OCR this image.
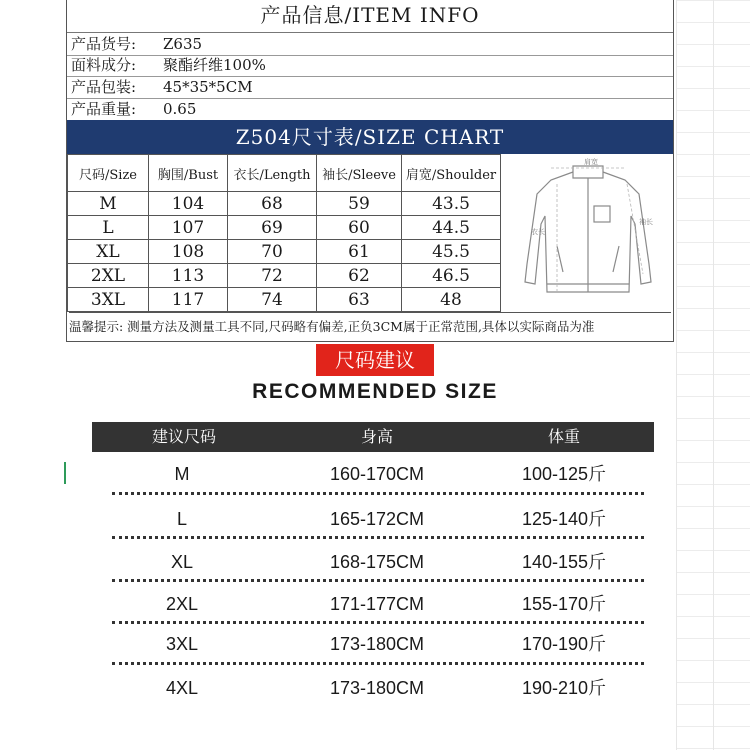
产品信息/ITEM INFO
产品货号: Z635
面料成分: 聚酯纤维100%
产品包装: 45*35*5CM
产品重量: 0.65
Z504尺寸表/SIZE CHART
尺码/Size	胸围/Bust	衣长/Length	袖长/Sleeve	肩宽/Shoulder
M	104	68	59	43.5
L	107	69	60	44.5
XL	108	70	61	45.5
2XL	113	72	62	46.5
3XL	117	74	63	48
肩宽
衣长
袖长
温馨提示: 测量方法及测量工具不同,尺码略有偏差,正负3CM属于正常范围,具体以实际商品为准
尺码建议
RECOMMENDED SIZE
建议尺码	身高	体重
M	160-170CM	100-125斤
L	165-172CM	125-140斤
XL	168-175CM	140-155斤
2XL	171-177CM	155-170斤
3XL	173-180CM	170-190斤
4XL	173-180CM	190-210斤
